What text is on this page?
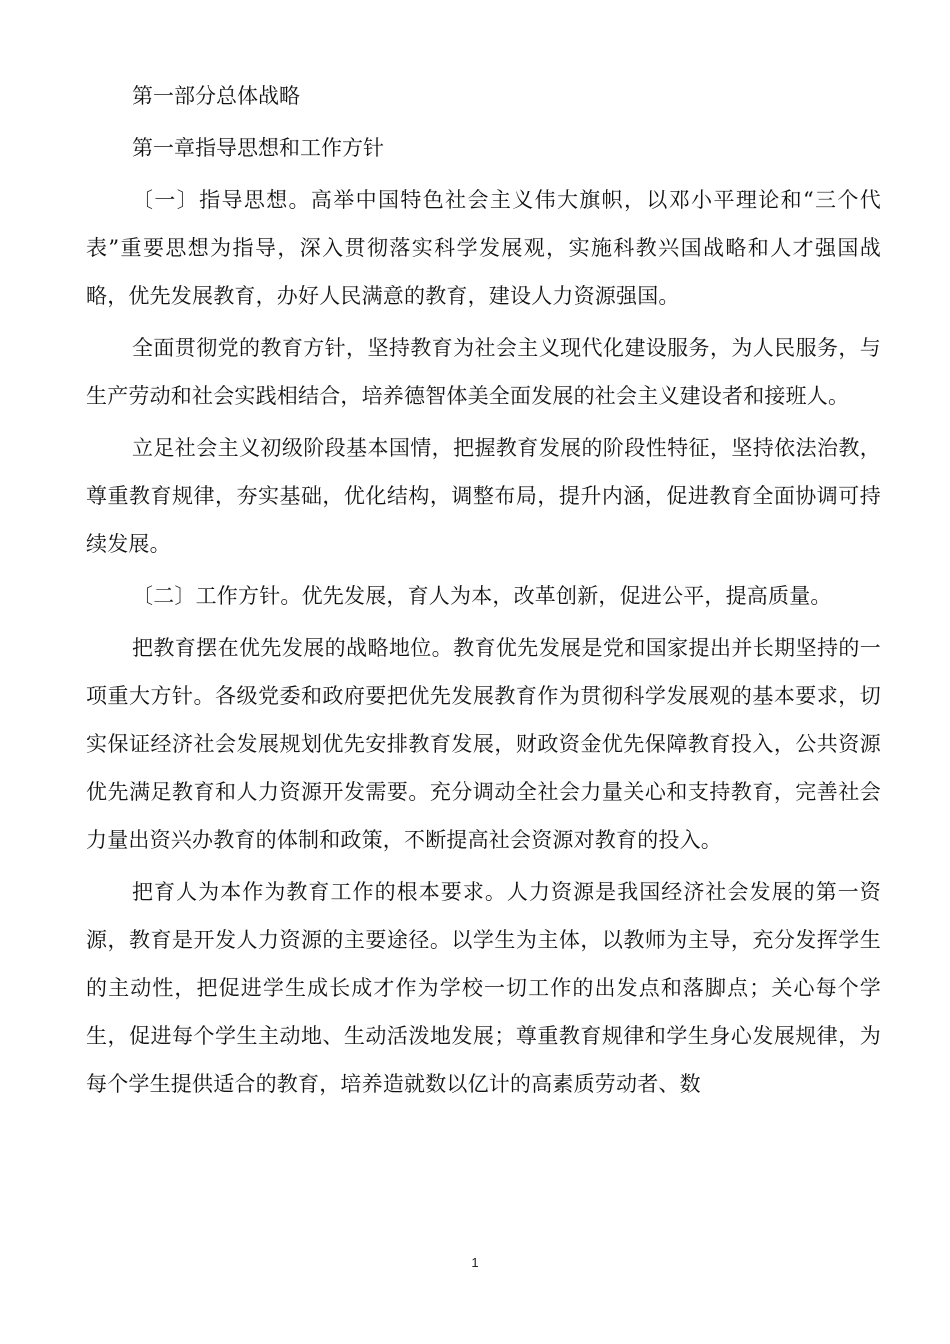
第一部分总体战略

第一章指导思想和工作方针

〔一〕指导思想。高举中国特色社会主义伟大旗帜，以邓小平理论和“三个代表”重要思想为指导，深入贯彻落实科学发展观，实施科教兴国战略和人才强国战略，优先发展教育，办好人民满意的教育，建设人力资源强国。

全面贯彻党的教育方针，坚持教育为社会主义现代化建设服务，为人民服务，与生产劳动和社会实践相结合，培养德智体美全面发展的社会主义建设者和接班人。

立足社会主义初级阶段基本国情，把握教育发展的阶段性特征，坚持依法治教，尊重教育规律，夯实基础，优化结构，调整布局，提升内涵，促进教育全面协调可持续发展。

〔二〕工作方针。优先发展，育人为本，改革创新，促进公平，提高质量。

把教育摆在优先发展的战略地位。教育优先发展是党和国家提出并长期坚持的一项重大方针。各级党委和政府要把优先发展教育作为贯彻科学发展观的基本要求，切实保证经济社会发展规划优先安排教育发展，财政资金优先保障教育投入，公共资源优先满足教育和人力资源开发需要。充分调动全社会力量关心和支持教育，完善社会力量出资兴办教育的体制和政策，不断提高社会资源对教育的投入。

把育人为本作为教育工作的根本要求。人力资源是我国经济社会发展的第一资源，教育是开发人力资源的主要途径。以学生为主体，以教师为主导，充分发挥学生的主动性，把促进学生成长成才作为学校一切工作的出发点和落脚点；关心每个学生，促进每个学生主动地、生动活泼地发展；尊重教育规律和学生身心发展规律，为每个学生提供适合的教育，培养造就数以亿计的高素质劳动者、数

1
